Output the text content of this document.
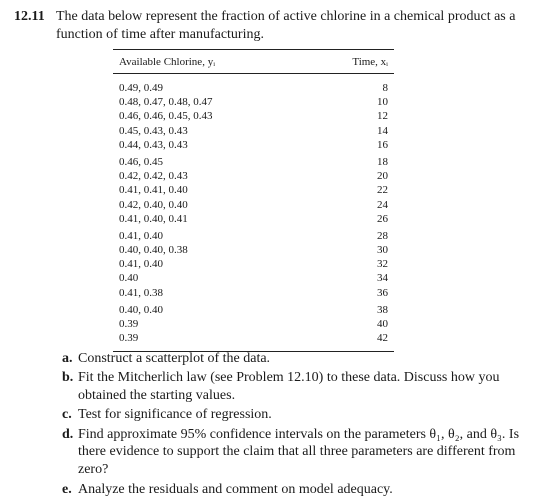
12.11 The data below represent the fraction of active chlorine in a chemical product as a function of time after manufacturing.
Available Chlorine, yᵢ	Time, xᵢ
0.49, 0.49	8
0.48, 0.47, 0.48, 0.47	10
0.46, 0.46, 0.45, 0.43	12
0.45, 0.43, 0.43	14
0.44, 0.43, 0.43	16
0.46, 0.45	18
0.42, 0.42, 0.43	20
0.41, 0.41, 0.40	22
0.42, 0.40, 0.40	24
0.41, 0.40, 0.41	26
0.41, 0.40	28
0.40, 0.40, 0.38	30
0.41, 0.40	32
0.40	34
0.41, 0.38	36
0.40, 0.40	38
0.39	40
0.39	42
a. Construct a scatterplot of the data.
b. Fit the Mitcherlich law (see Problem 12.10) to these data. Discuss how you obtained the starting values.
c. Test for significance of regression.
d. Find approximate 95% confidence intervals on the parameters θ₁, θ₂, and θ₃. Is there evidence to support the claim that all three parameters are different from zero?
e. Analyze the residuals and comment on model adequacy.
